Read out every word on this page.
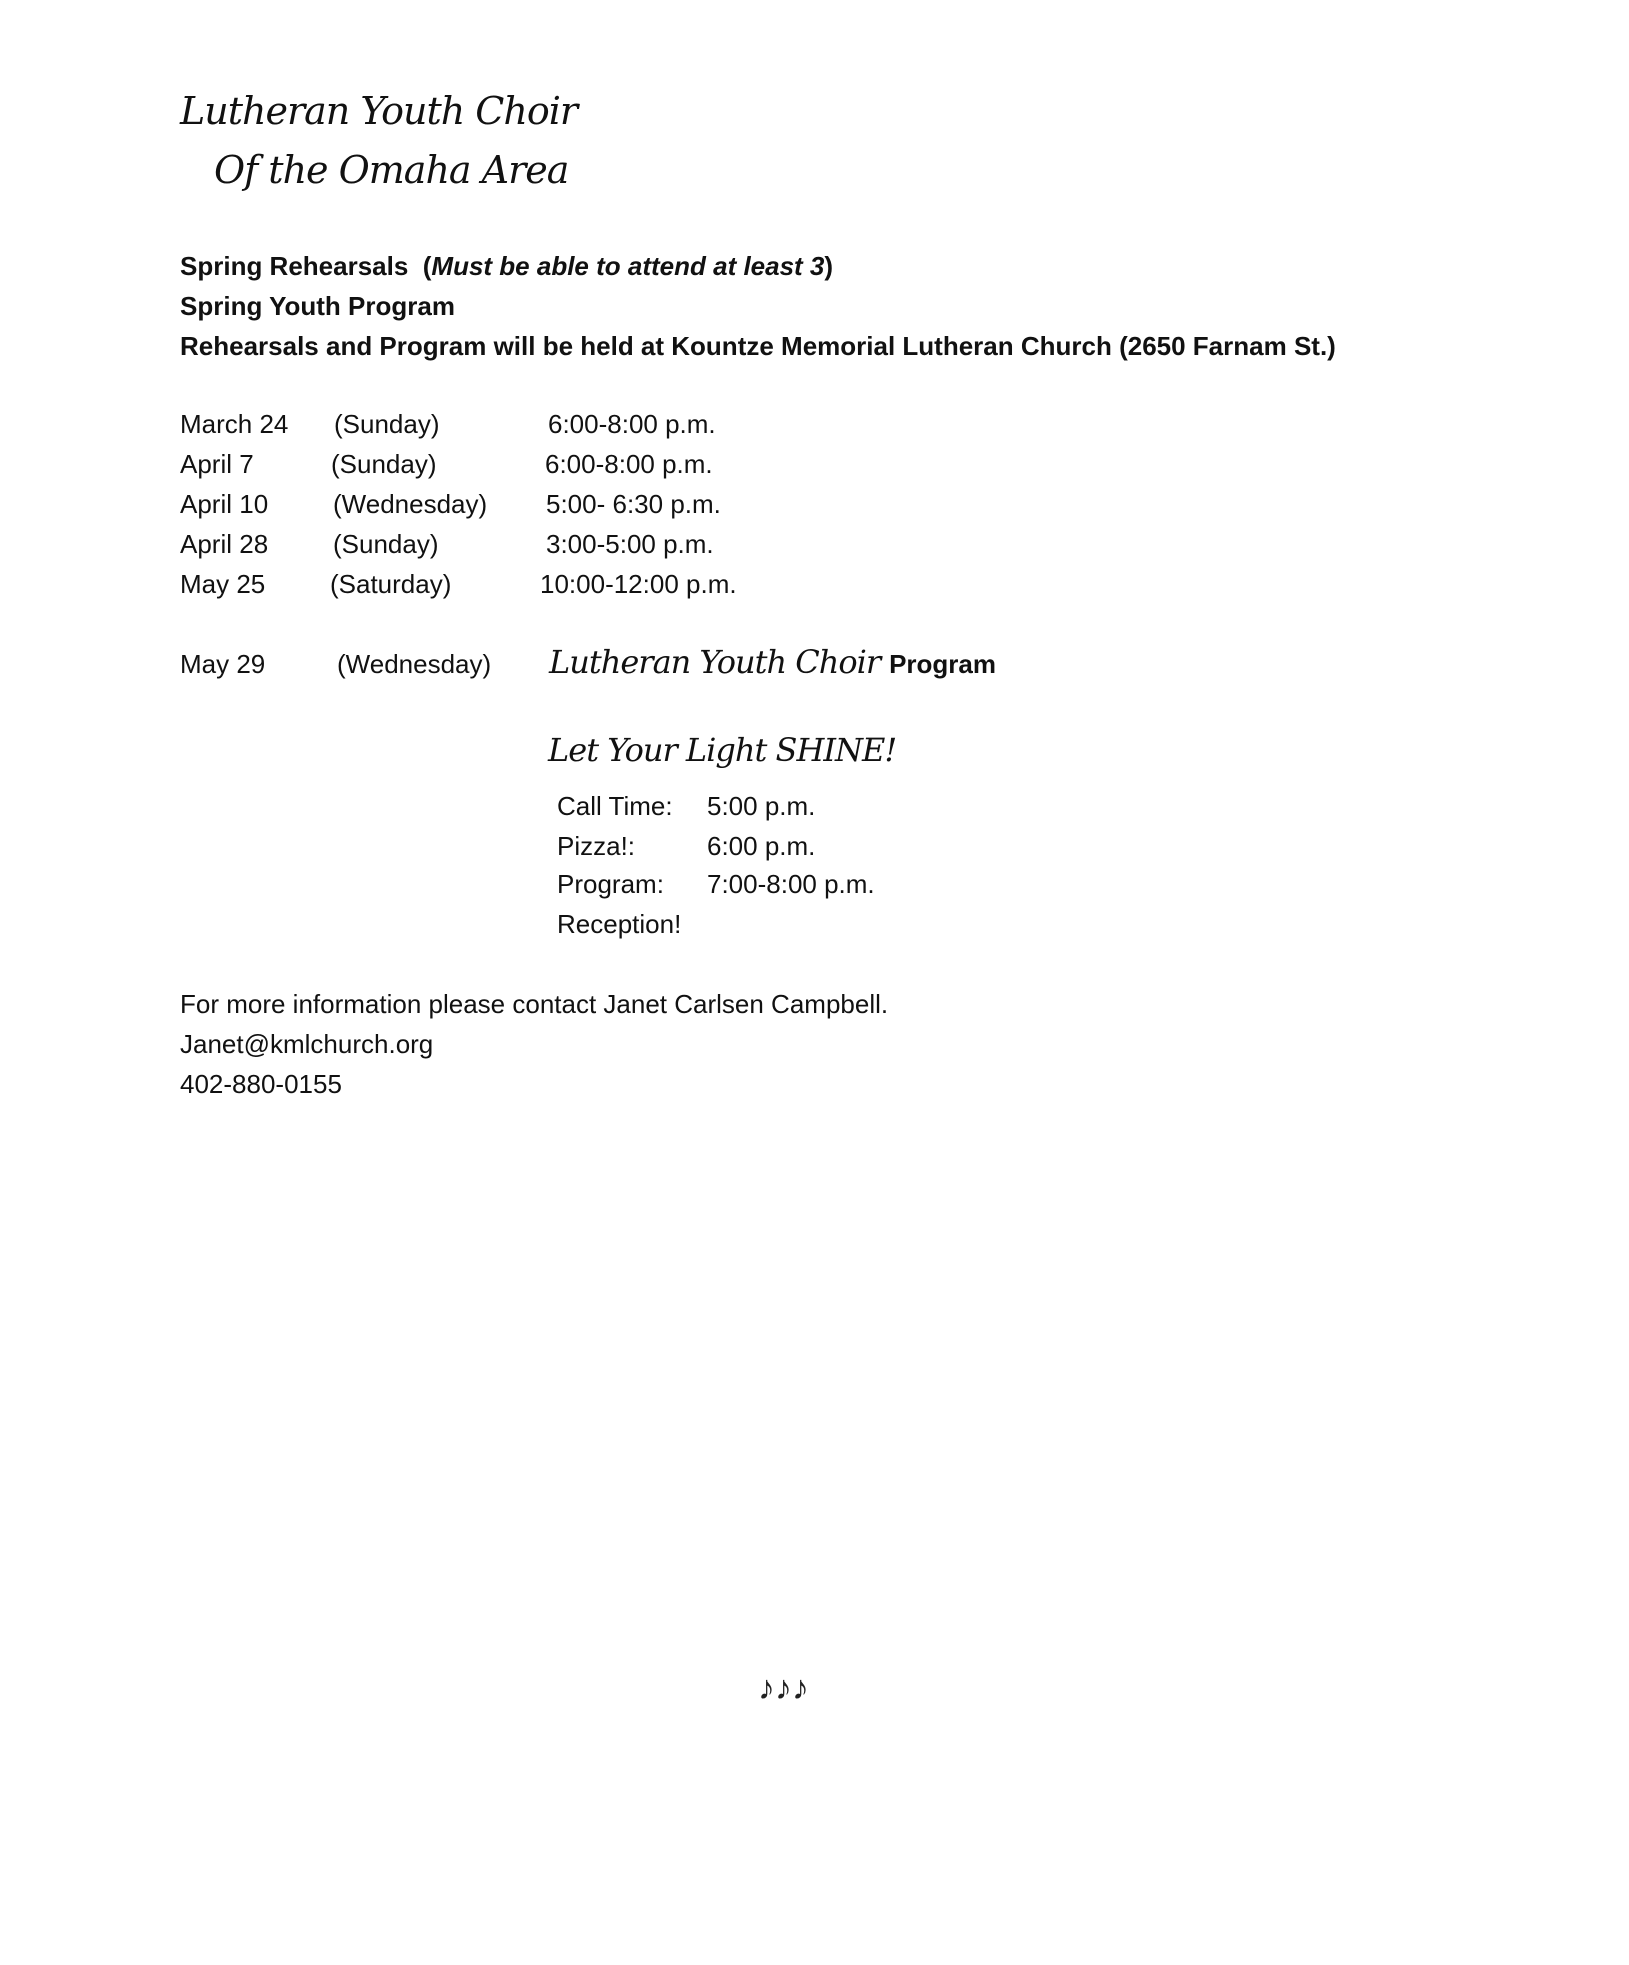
Lutheran Youth Choir
Of the Omaha Area
Spring Rehearsals  (Must be able to attend at least 3)
Spring Youth Program
Rehearsals and Program will be held at Kountze Memorial Lutheran Church (2650 Farnam St.)
March 24 (Sunday)	6:00-8:00 p.m.
April 7	(Sunday)	6:00-8:00 p.m.
April 10 (Wednesday) 5:00- 6:30 p.m.
April 28 (Sunday)	3:00-5:00 p.m.
May 25 (Saturday)	10:00-12:00 p.m.
May 29	(Wednesday) Lutheran Youth Choir Program
Let Your Light SHINE!
Call Time: 5:00 p.m.
Pizza!:	6:00 p.m.
Program: 7:00-8:00 p.m.
Reception!
For more information please contact Janet Carlsen Campbell.
Janet@kmlchurch.org
402-880-0155
♪♪♪
